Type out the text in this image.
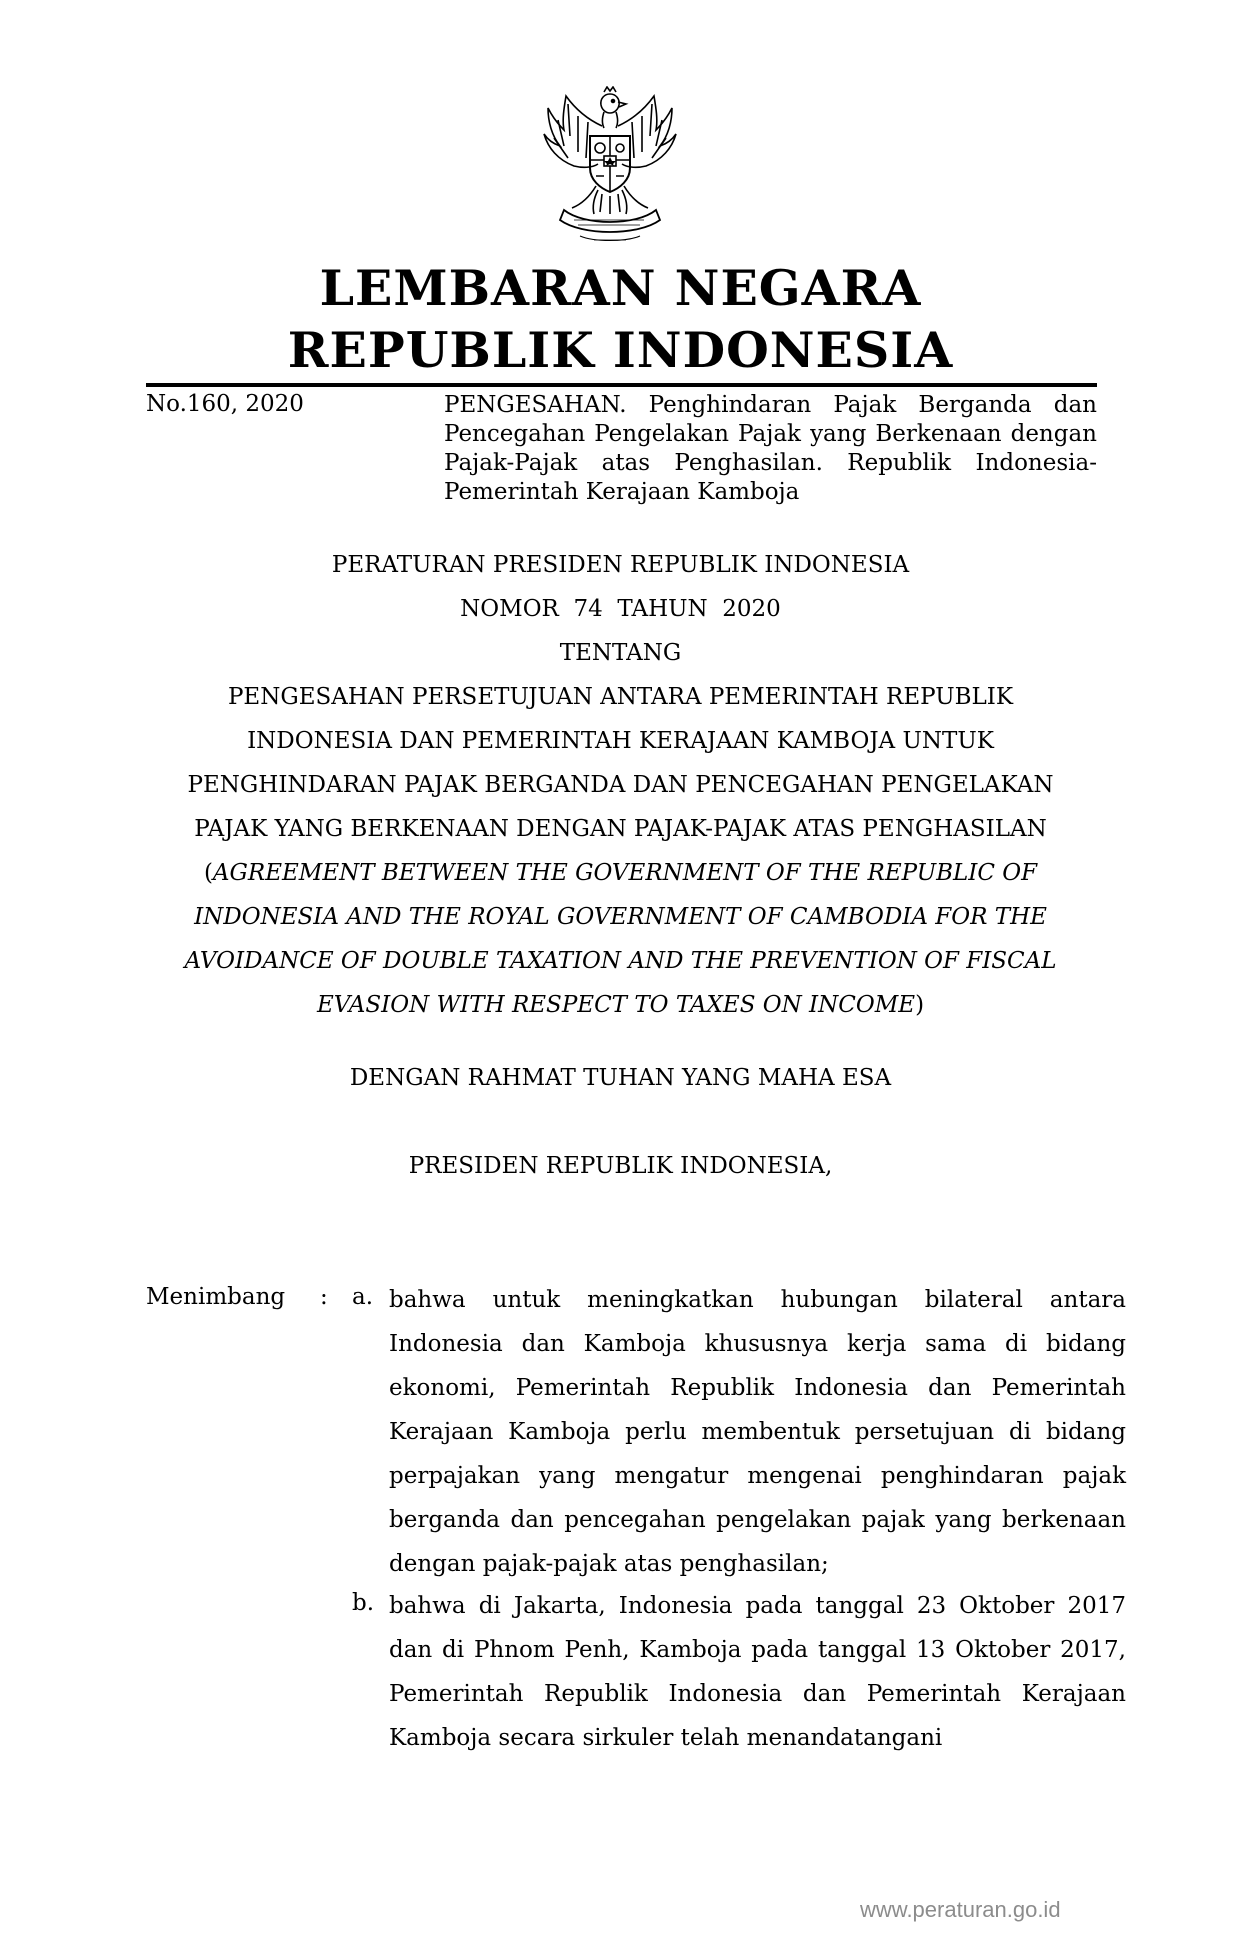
LEMBARAN NEGARA
REPUBLIK INDONESIA
No.160, 2020	PENGESAHAN. Penghindaran Pajak Berganda dan Pencegahan Pengelakan Pajak yang Berkenaan dengan Pajak-Pajak atas Penghasilan. Republik Indonesia-Pemerintah Kerajaan Kamboja
PERATURAN PRESIDEN REPUBLIK INDONESIA
NOMOR  74  TAHUN  2020
TENTANG
PENGESAHAN PERSETUJUAN ANTARA PEMERINTAH REPUBLIK
INDONESIA DAN PEMERINTAH KERAJAAN KAMBOJA UNTUK
PENGHINDARAN PAJAK BERGANDA DAN PENCEGAHAN PENGELAKAN
PAJAK YANG BERKENAAN DENGAN PAJAK-PAJAK ATAS PENGHASILAN
(AGREEMENT BETWEEN THE GOVERNMENT OF THE REPUBLIC OF
INDONESIA AND THE ROYAL GOVERNMENT OF CAMBODIA FOR THE
AVOIDANCE OF DOUBLE TAXATION AND THE PREVENTION OF FISCAL
EVASION WITH RESPECT TO TAXES ON INCOME)
DENGAN RAHMAT TUHAN YANG MAHA ESA
PRESIDEN REPUBLIK INDONESIA,
Menimbang : a. bahwa untuk meningkatkan hubungan bilateral antara Indonesia dan Kamboja khususnya kerja sama di bidang ekonomi, Pemerintah Republik Indonesia dan Pemerintah Kerajaan Kamboja perlu membentuk persetujuan di bidang perpajakan yang mengatur mengenai penghindaran pajak berganda dan pencegahan pengelakan pajak yang berkenaan dengan pajak-pajak atas penghasilan;
b. bahwa di Jakarta, Indonesia pada tanggal 23 Oktober 2017 dan di Phnom Penh, Kamboja pada tanggal 13 Oktober 2017, Pemerintah Republik Indonesia dan Pemerintah Kerajaan Kamboja secara sirkuler telah menandatangani
www.peraturan.go.id
